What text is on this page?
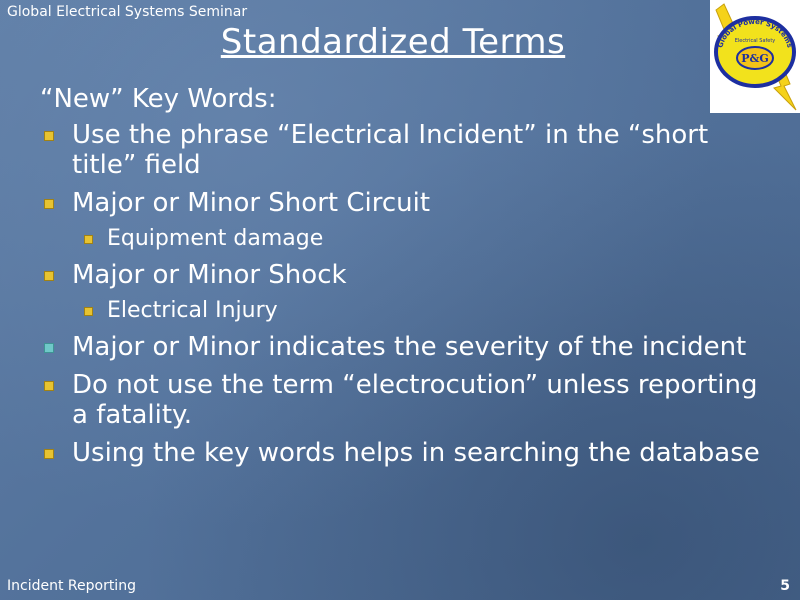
Global Electrical Systems Seminar
Standardized Terms	Global Power Systems
Electrical Safety
P&G
“New” Key Words:
Use the phrase “Electrical Incident” in the “short title” field
Major or Minor Short Circuit
Equipment damage
Major or Minor Shock
Electrical Injury
Major or Minor indicates the severity of the incident
Do not use the term “electrocution” unless reporting a fatality.
Using the key words helps in searching the database
Incident Reporting	5
